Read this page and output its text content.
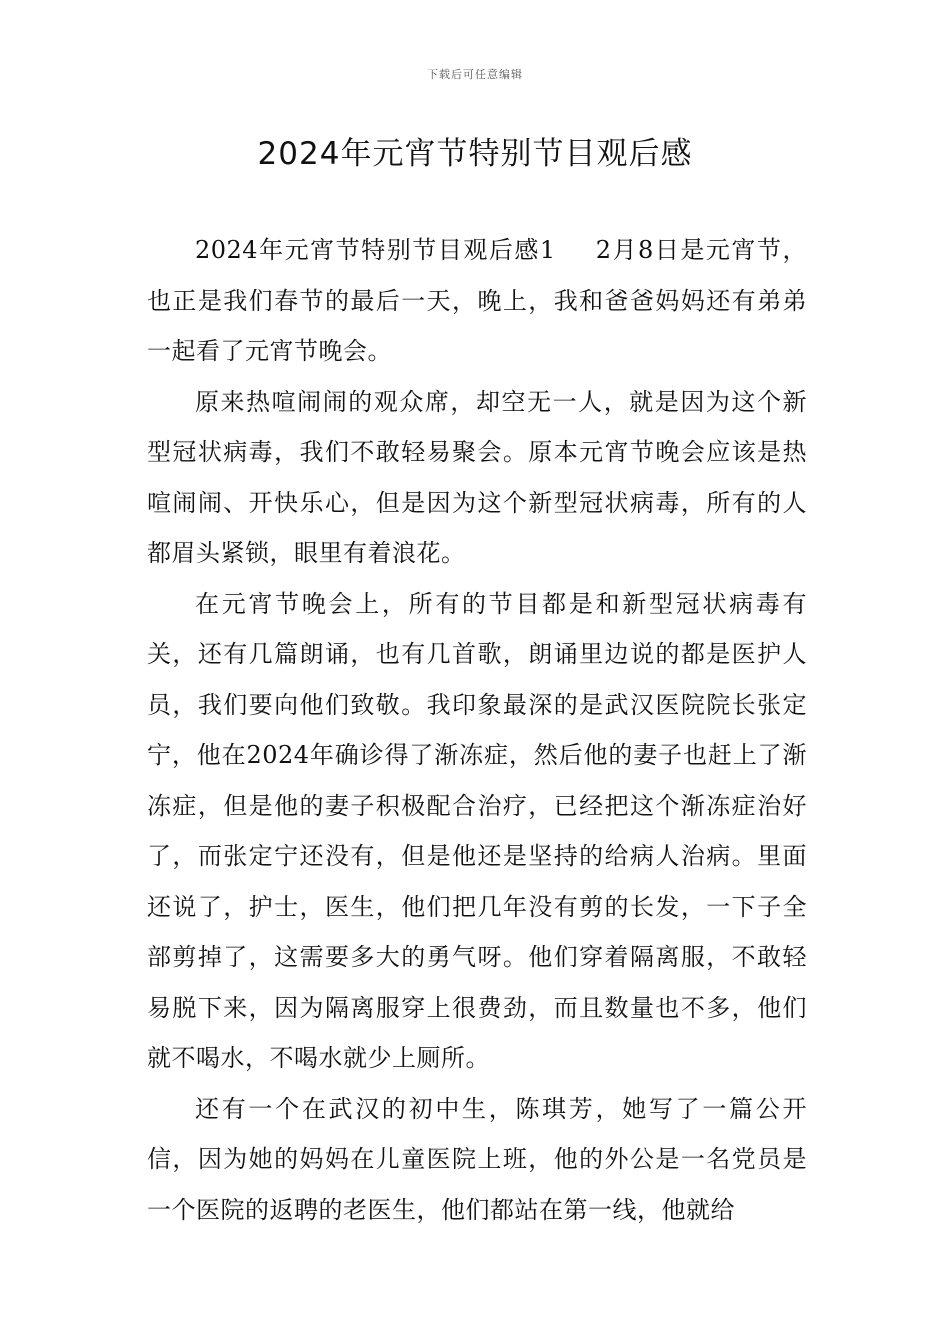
下载后可任意编辑
2024年元宵节特别节目观后感

2024年元宵节特别节目观后感1 2月8日是元宵节，也正是我们春节的最后一天，晚上，我和爸爸妈妈还有弟弟一起看了元宵节晚会。

原来热喧闹闹的观众席，却空无一人，就是因为这个新型冠状病毒，我们不敢轻易聚会。原本元宵节晚会应该是热喧闹闹、开快乐心，但是因为这个新型冠状病毒，所有的人都眉头紧锁，眼里有着浪花。

在元宵节晚会上，所有的节目都是和新型冠状病毒有关，还有几篇朗诵，也有几首歌，朗诵里边说的都是医护人员，我们要向他们致敬。我印象最深的是武汉医院院长张定宁，他在2024年确诊得了渐冻症，然后他的妻子也赶上了渐冻症，但是他的妻子积极配合治疗，已经把这个渐冻症治好了，而张定宁还没有，但是他还是坚持的给病人治病。里面还说了，护士，医生，他们把几年没有剪的长发，一下子全部剪掉了，这需要多大的勇气呀。他们穿着隔离服，不敢轻易脱下来，因为隔离服穿上很费劲，而且数量也不多，他们就不喝水，不喝水就少上厕所。

还有一个在武汉的初中生，陈琪芳，她写了一篇公开信，因为她的妈妈在儿童医院上班，他的外公是一名党员是一个医院的返聘的老医生，他们都站在第一线，他就给
